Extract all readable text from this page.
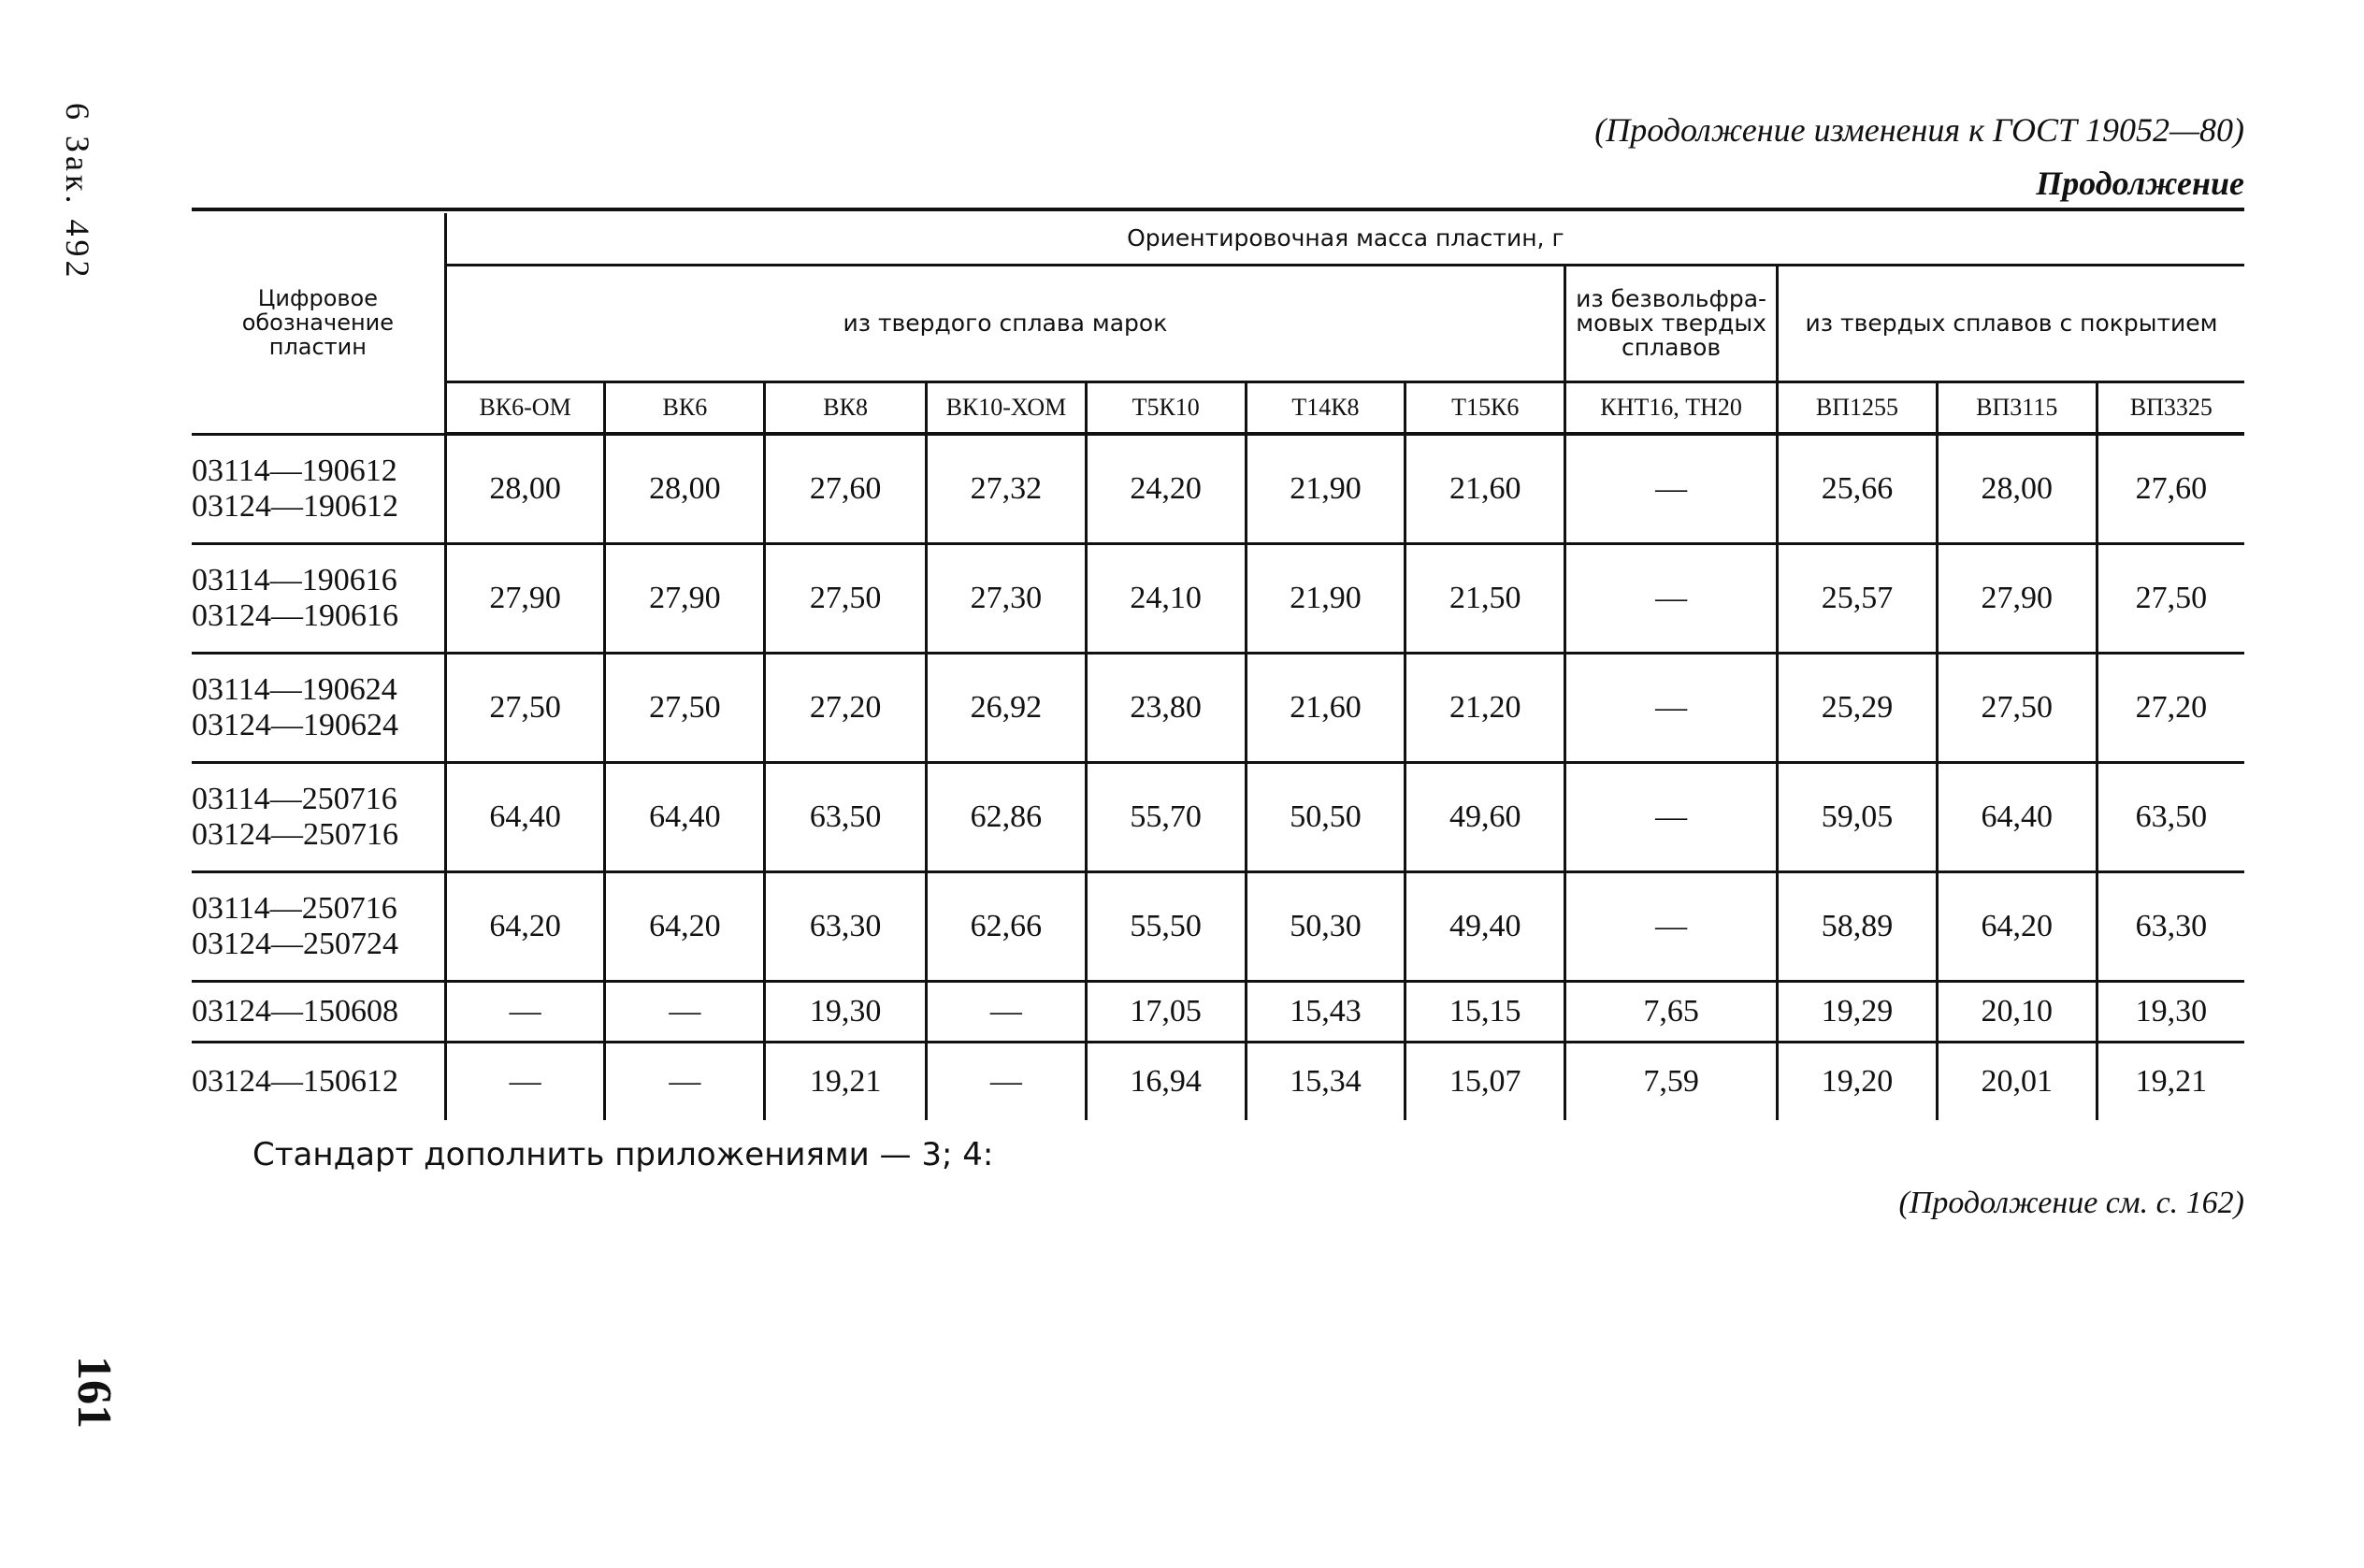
6 Зак. 492
161
(Продолжение изменения к ГОСТ 19052—80)
Продолжение
Цифровое обозначение пластин	Ориентировочная масса пластин, г										
	из твердого сплава марок							из безвольфра-мовых твердых сплавов	из твердых сплавов с покрытием		
	ВК6-ОМ	ВК6	ВК8	ВК10-ХОМ	Т5К10	Т14К8	Т15К6	КНТ16, ТН20	ВП1255	ВП3115	ВП3325

03114—190612
03124—190612	28,00	28,00	27,60	27,32	24,20	21,90	21,60	—	25,66	28,00	27,60

03114—190616
03124—190616	27,90	27,90	27,50	27,30	24,10	21,90	21,50	—	25,57	27,90	27,50

03114—190624
03124—190624	27,50	27,50	27,20	26,92	23,80	21,60	21,20	—	25,29	27,50	27,20

03114—250716
03124—250716	64,40	64,40	63,50	62,86	55,70	50,50	49,60	—	59,05	64,40	63,50

03114—250716
03124—250724	64,20	64,20	63,30	62,66	55,50	50,30	49,40	—	58,89	64,20	63,30

03124—150608	—	—	19,30	—	17,05	15,43	15,15	7,65	19,29	20,10	19,30

03124—150612	—	—	19,21	—	16,94	15,34	15,07	7,59	19,20	20,01	19,21
Стандарт дополнить приложениями — 3; 4:
(Продолжение см. с. 162)
